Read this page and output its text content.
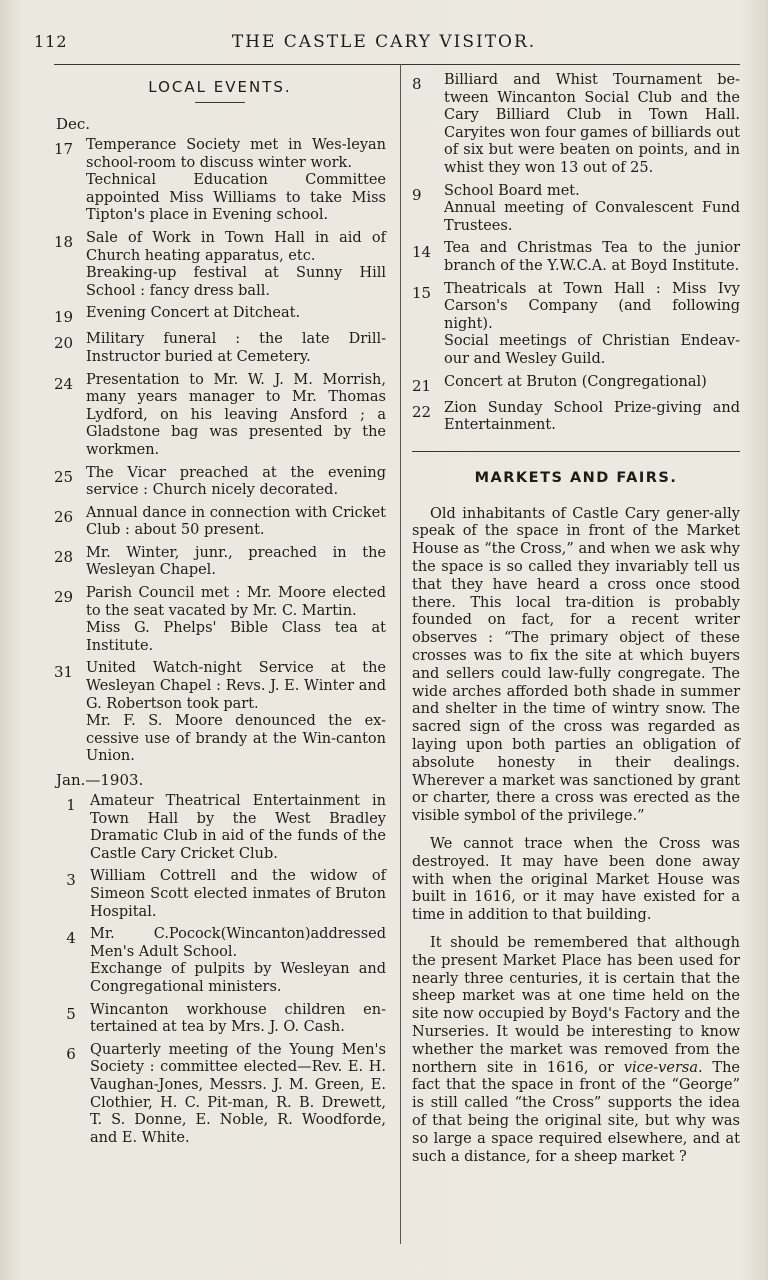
112	THE CASTLE CARY VISITOR.
LOCAL EVENTS.
Dec.
17 Temperance Society met in Wes-leyan school-room to discuss winter work.
Technical Education Committee appointed Miss Williams to take Miss Tipton's place in Evening school.
18 Sale of Work in Town Hall in aid of Church heating apparatus, etc.
Breaking-up festival at Sunny Hill School : fancy dress ball.
19 Evening Concert at Ditcheat.
20 Military funeral : the late Drill-Instructor buried at Cemetery.
24 Presentation to Mr. W. J. M. Morrish, many years manager to Mr. Thomas Lydford, on his leaving Ansford ; a Gladstone bag was presented by the workmen.
25 The Vicar preached at the evening service : Church nicely decorated.
26 Annual dance in connection with Cricket Club : about 50 present.
28 Mr. Winter, junr., preached in the Wesleyan Chapel.
29 Parish Council met : Mr. Moore elected to the seat vacated by Mr. C. Martin.
Miss G. Phelps' Bible Class tea at Institute.
31 United Watch-night Service at the Wesleyan Chapel : Revs. J. E. Winter and G. Robertson took part.
Mr. F. S. Moore denounced the ex-cessive use of brandy at the Win-canton Union.
Jan.—1903.
1 Amateur Theatrical Entertainment in Town Hall by the West Bradley Dramatic Club in aid of the funds of the Castle Cary Cricket Club.
3 William Cottrell and the widow of Simeon Scott elected inmates of Bruton Hospital.
4 Mr. C.Pocock(Wincanton)addressed Men's Adult School.
Exchange of pulpits by Wesleyan and Congregational ministers.
5 Wincanton workhouse children en-tertained at tea by Mrs. J. O. Cash.
6 Quarterly meeting of the Young Men's Society : committee elected—Rev. E. H. Vaughan-Jones, Messrs. J. M. Green, E. Clothier, H. C. Pit-man, R. B. Drewett, T. S. Donne, E. Noble, R. Woodforde, and E. White.
8	Billiard and Whist Tournament be-tween Wincanton Social Club and the Cary Billiard Club in Town Hall. Caryites won four games of billiards out of six but were beaten on points, and in whist they won 13 out of 25.
9	School Board met.
Annual meeting of Convalescent Fund Trustees.
14 Tea and Christmas Tea to the junior branch of the Y.W.C.A. at Boyd Institute.
15 Theatricals at Town Hall : Miss Ivy Carson's Company (and following night).
Social meetings of Christian Endeav-our and Wesley Guild.
21 Concert at Bruton (Congregational)
22 Zion Sunday School Prize-giving and Entertainment.
MARKETS AND FAIRS.

Old inhabitants of Castle Cary gener-ally speak of the space in front of the Market House as “the Cross,” and when we ask why the space is so called they invariably tell us that they have heard a cross once stood there. This local tra-dition is probably founded on fact, for a recent writer observes : “The primary object of these crosses was to fix the site at which buyers and sellers could law-fully congregate. The wide arches afforded both shade in summer and shelter in the time of wintry snow. The sacred sign of the cross was regarded as laying upon both parties an obligation of absolute honesty in their dealings. Wherever a market was sanctioned by grant or charter, there a cross was erected as the visible symbol of the privilege.”

We cannot trace when the Cross was destroyed. It may have been done away with when the original Market House was built in 1616, or it may have existed for a time in addition to that building.

It should be remembered that although the present Market Place has been used for nearly three centuries, it is certain that the sheep market was at one time held on the site now occupied by Boyd's Factory and the Nurseries. It would be interesting to know whether the market was removed from the northern site in 1616, or vice-versa. The fact that the space in front of the “George” is still called “the Cross” supports the idea of that being the original site, but why was so large a space required elsewhere, and at such a distance, for a sheep market ?
